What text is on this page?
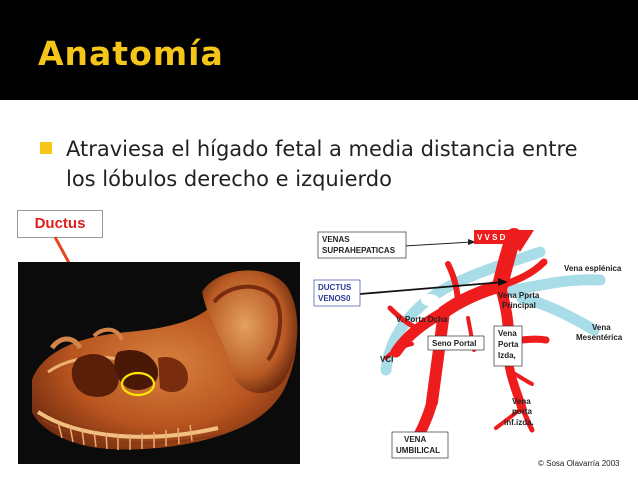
Anatomía
Atraviesa el hígado fetal a media distancia entre los lóbulos derecho e izquierdo
Ductus
VENAS
SUPRAHEPATICAS
V V S D
DUCTUS
VENOS0
Vena esplénica
Vena Pprta
Principal
V. Porta Dcha
Vena
Mesentérica
Seno Portal
Vena
Porta
Izda,
VCI
Vena
porta
inf.izda.
VENA
UMBILICAL
© Sosa Olavarría 2003
